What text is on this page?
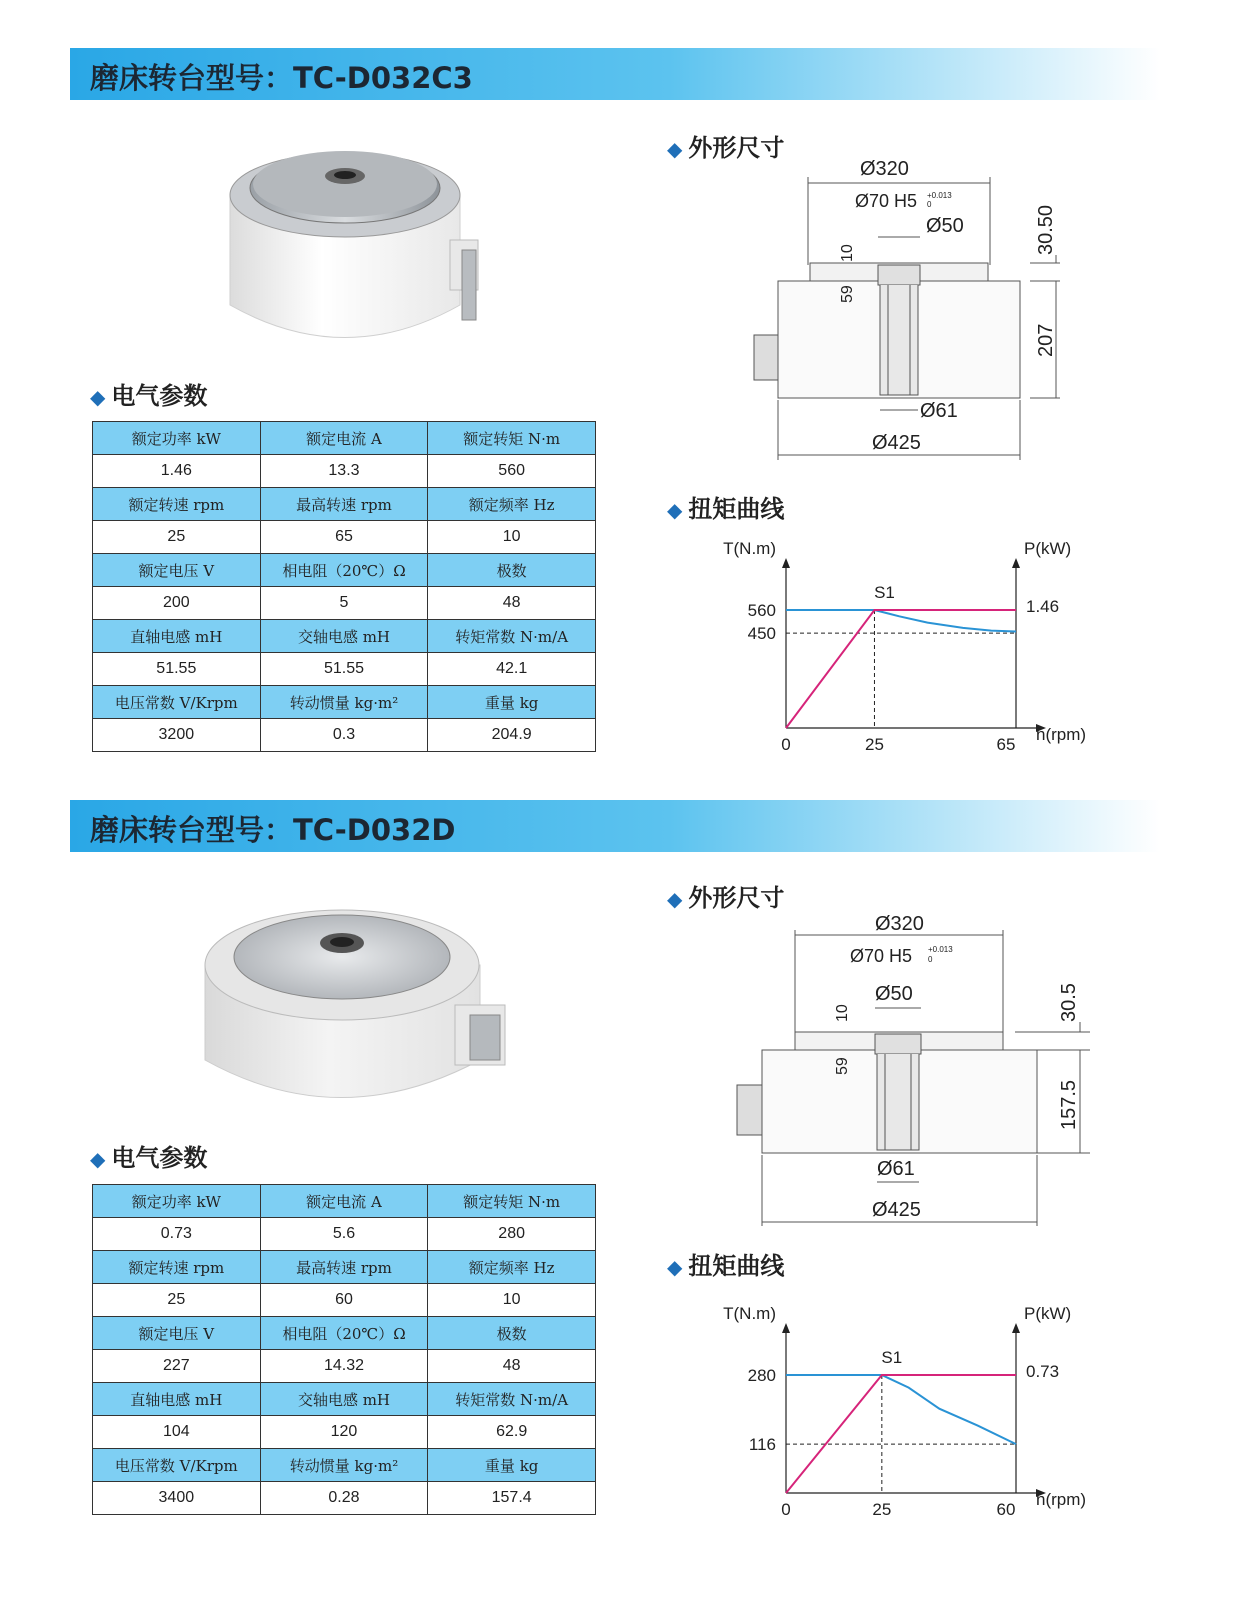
磨床转台型号：TC-D032C3
◆ 电气参数
额定功率 kW	额定电流 A	额定转矩 N·m
1.46	13.3	560
额定转速 rpm	最高转速 rpm	额定频率 Hz
25	65	10
额定电压 V	相电阻（20℃）Ω	极数
200	5	48
直轴电感 mH	交轴电感 mH	转矩常数 N·m/A
51.55	51.55	42.1
电压常数 V/Krpm	转动惯量 kg·m²	重量 kg
3200	0.3	204.9
◆ 外形尺寸
Ø320
Ø70 H5 +0.013
0
Ø50
Ø61
Ø425
30.50
207
10
59
◆ 扭矩曲线
T(N.m)	P(kW)
n(rpm)
0	25	65
560
450
1.46
S1
磨床转台型号：TC-D032D
◆ 电气参数
额定功率 kW	额定电流 A	额定转矩 N·m
0.73	5.6	280
额定转速 rpm	最高转速 rpm	额定频率 Hz
25	60	10
额定电压 V	相电阻（20℃）Ω	极数
227	14.32	48
直轴电感 mH	交轴电感 mH	转矩常数 N·m/A
104	120	62.9
电压常数 V/Krpm	转动惯量 kg·m²	重量 kg
3400	0.28	157.4
◆ 外形尺寸
Ø320
Ø70 H5 +0.013
0
Ø50
Ø61
Ø425
30.5
157.5
10
59
◆ 扭矩曲线
T(N.m)	P(kW)
n(rpm)
0	25	60
280
116
0.73
S1
